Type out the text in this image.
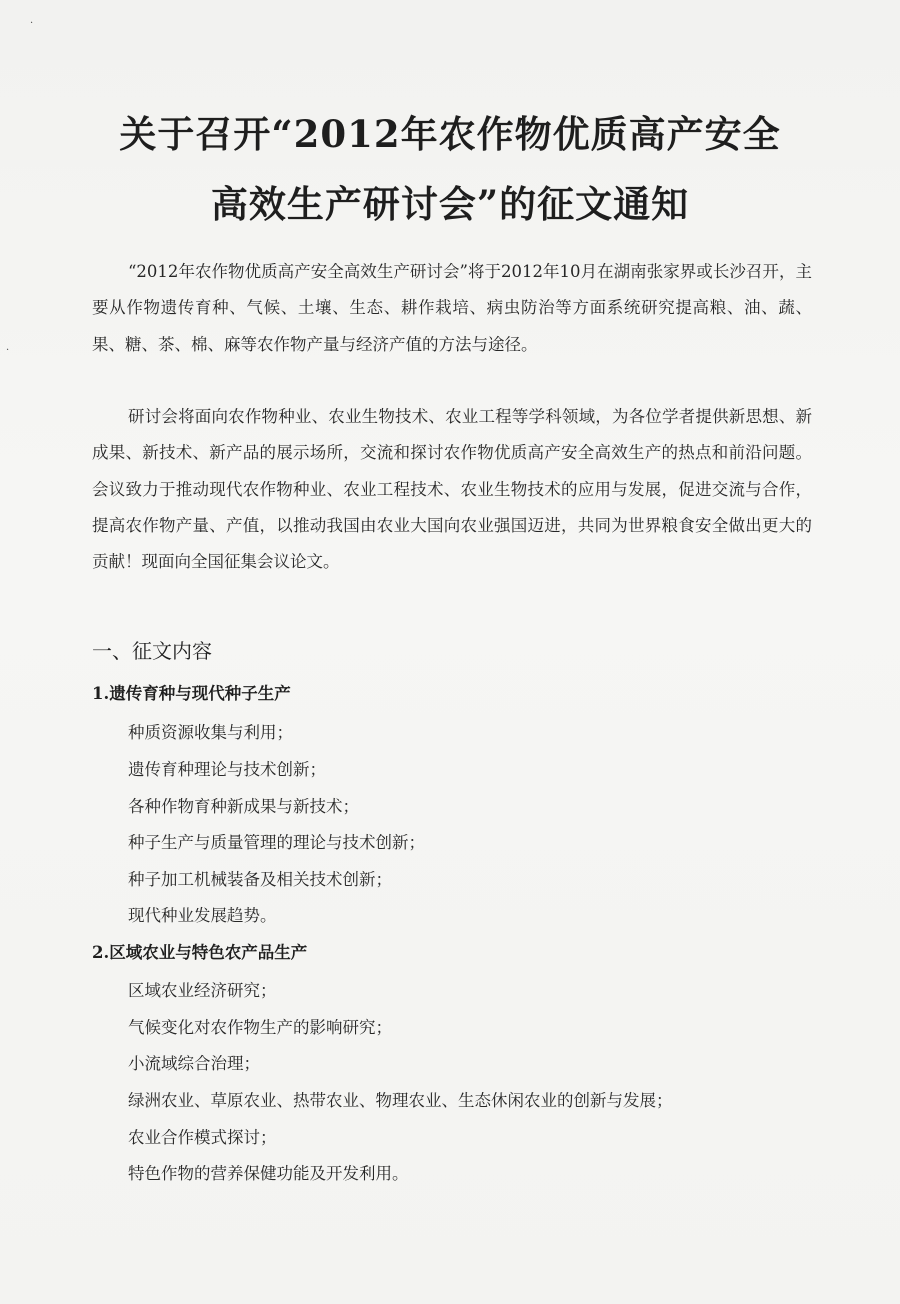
·
·
关于召开“2012年农作物优质高产安全
高效生产研讨会”的征文通知
“2012年农作物优质高产安全高效生产研讨会”将于2012年10月在湖南张家界或长沙召开，主要从作物遗传育种、气候、土壤、生态、耕作栽培、病虫防治等方面系统研究提高粮、油、蔬、果、糖、茶、棉、麻等农作物产量与经济产值的方法与途径。
研讨会将面向农作物种业、农业生物技术、农业工程等学科领域，为各位学者提供新思想、新成果、新技术、新产品的展示场所，交流和探讨农作物优质高产安全高效生产的热点和前沿问题。会议致力于推动现代农作物种业、农业工程技术、农业生物技术的应用与发展，促进交流与合作，提高农作物产量、产值，以推动我国由农业大国向农业强国迈进，共同为世界粮食安全做出更大的贡献！现面向全国征集会议论文。
一、征文内容
1.遗传育种与现代种子生产
种质资源收集与利用；
遗传育种理论与技术创新；
各种作物育种新成果与新技术；
种子生产与质量管理的理论与技术创新；
种子加工机械装备及相关技术创新；
现代种业发展趋势。
2.区域农业与特色农产品生产
区域农业经济研究；
气候变化对农作物生产的影响研究；
小流域综合治理；
绿洲农业、草原农业、热带农业、物理农业、生态休闲农业的创新与发展；
农业合作模式探讨；
特色作物的营养保健功能及开发利用。
